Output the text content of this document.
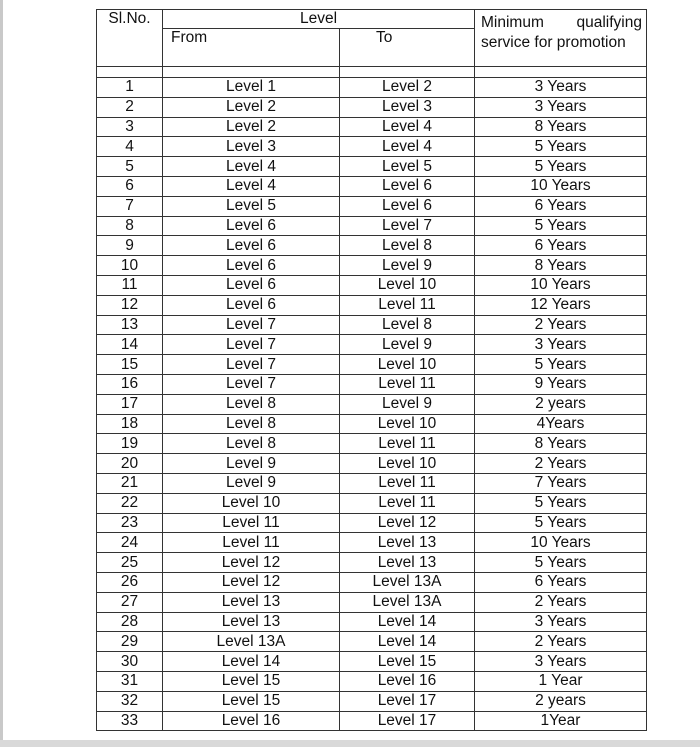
Sl.No.	Level		Minimum qualifying
service for promotion

	From	To	

1	Level 1	Level 2	3 Years
2	Level 2	Level 3	3 Years
3	Level 2	Level 4	8 Years
4	Level 3	Level 4	5 Years
5	Level 4	Level 5	5 Years
6	Level 4	Level 6	10 Years
7	Level 5	Level 6	6 Years
8	Level 6	Level 7	5 Years
9	Level 6	Level 8	6 Years
10	Level 6	Level 9	8 Years
11	Level 6	Level 10	10 Years
12	Level 6	Level 11	12 Years
13	Level 7	Level 8	2 Years
14	Level 7	Level 9	3 Years
15	Level 7	Level 10	5 Years
16	Level 7	Level 11	9 Years
17	Level 8	Level 9	2 years
18	Level 8	Level 10	4Years
19	Level 8	Level 11	8 Years
20	Level 9	Level 10	2 Years
21	Level 9	Level 11	7 Years
22	Level 10	Level 11	5 Years
23	Level 11	Level 12	5 Years
24	Level 11	Level 13	10 Years
25	Level 12	Level 13	5 Years
26	Level 12	Level 13A	6 Years
27	Level 13	Level 13A	2 Years
28	Level 13	Level 14	3 Years
29	Level 13A	Level 14	2 Years
30	Level 14	Level 15	3 Years
31	Level 15	Level 16	1 Year
32	Level 15	Level 17	2 years
33	Level 16	Level 17	1Year
